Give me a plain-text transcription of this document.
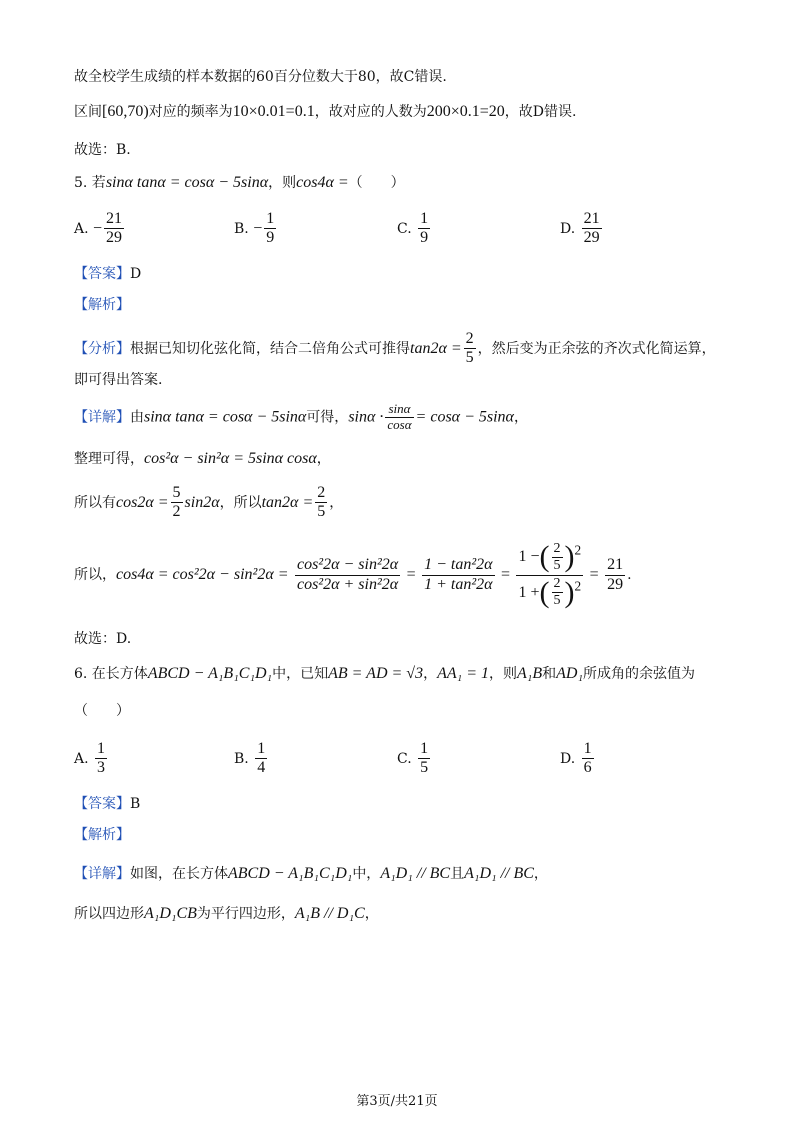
故全校学生成绩的样本数据的60百分位数大于80，故C错误.
区间[60,70)对应的频率为10×0.01=0.1，故对应的人数为200×0.1=20，故D错误.
故选：B.
5. 若sinα tanα = cosα − 5sinα，则cos4α =（　　）
A. − $\frac{21}{29}$	B. − $\frac{1}{9}$	C. $\frac{1}{9}$	D. $\frac{21}{29}$
【答案】D
【解析】
【分析】根据已知切化弦化简，结合二倍角公式可推得$\tan 2\alpha = \frac{2}{5}$ ，然后变为正余弦的齐次式化简运算，
即可得出答案.
【详解】由sinα tanα = cosα − 5sinα可得，$\sin\alpha \cdot \frac{\sin\alpha}{\cos\alpha} = \cos\alpha - 5\sin\alpha$，
整理可得，cos²α − sin²α = 5sinα cosα，
所以有$\cos 2\alpha = \frac{5}{2} \sin 2\alpha$，所以$\tan 2\alpha = \frac{2}{5}$ ，
所以，$\cos 4\alpha = \cos^22\alpha - \sin^22\alpha = \frac{\text{cos²2α − sin²2α}}{\text{cos²2α + sin²2α}} = \frac{\text{1 − tan²2α}}{\text{1 + tan²2α}} = \frac{1 -( \frac{2}{5} )^2}{1 +( \frac{2}{5} )^2} = \frac{21}{29}$ .
故选：D.
6. 在长方体ABCD − A₁B₁C₁D₁中，已知AB = AD = √3，AA₁ = 1，则A₁B和AD₁所成角的余弦值为
（　　）
A. $\frac{1}{3}$	B. $\frac{1}{4}$	C. $\frac{1}{5}$	D. $\frac{1}{6}$
【答案】B
【解析】
【详解】如图，在长方体ABCD − A₁B₁C₁D₁中，A₁D₁ // BC且A₁D₁ // BC，
所以四边形A₁D₁CB为平行四边形，A₁B // D₁C，
第3页/共21页
